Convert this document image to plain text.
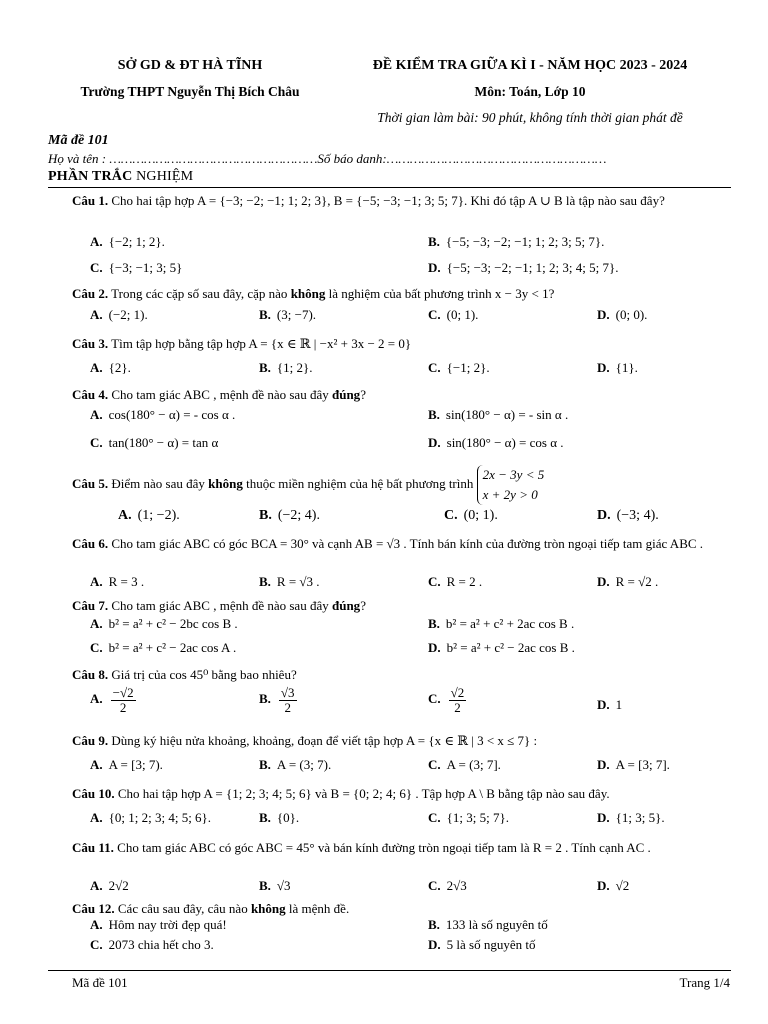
SỞ GD & ĐT HÀ TĨNH
Trường THPT Nguyễn Thị Bích Châu
ĐỀ KIỂM TRA GIỮA KÌ I - NĂM HỌC 2023 - 2024
Môn: Toán, Lớp 10
Thời gian làm bài: 90 phút, không tính thời gian phát đề
Mã đề 101
Họ và tên : ………………………………………………Số báo danh:…………………………………………………
PHẦN TRẮC NGHIỆM
Câu 1. Cho hai tập hợp A = {−3; −2; −1; 1; 2; 3}, B = {−5; −3; −1; 3; 5; 7}. Khi đó tập A ∪ B là tập nào sau đây?
A. {−2; 1; 2}.	B. {−5; −3; −2; −1; 1; 2; 3; 5; 7}.
C. {−3; −1; 3; 5}	D. {−5; −3; −2; −1; 1; 2; 3; 4; 5; 7}.
Câu 2. Trong các cặp số sau đây, cặp nào không là nghiệm của bất phương trình x − 3y < 1?
A. (−2; 1).	B. (3; −7).	C. (0; 1).	D. (0; 0).
Câu 3. Tìm tập hợp bằng tập hợp A = {x ∈ ℝ | −x² + 3x − 2 = 0}
A. {2}.	B. {1; 2}.	C. {−1; 2}.	D. {1}.
Câu 4. Cho tam giác ABC , mệnh đề nào sau đây đúng?
A. cos(180° − α) = - cos α .	B. sin(180° − α) = - sin α .
C. tan(180° − α) = tan α	D. sin(180° − α) = cos α .
Câu 5. Điểm nào sau đây không thuộc miền nghiệm của hệ bất phương trình
2x − 3y < 5
x + 2y > 0
A. (1; −2).	B. (−2; 4).	C. (0; 1).	D. (−3; 4).
Câu 6. Cho tam giác ABC có góc BCA = 30° và cạnh AB = √3 . Tính bán kính của đường tròn ngoại tiếp tam giác ABC .
A. R = 3 .	B. R = √3 .	C. R = 2 .	D. R = √2 .
Câu 7. Cho tam giác ABC , mệnh đề nào sau đây đúng?
A. b² = a² + c² − 2bc cos B .	B. b² = a² + c² + 2ac cos B .
C. b² = a² + c² − 2ac cos A .	D. b² = a² + c² − 2ac cos B .
Câu 8. Giá trị của cos 45⁰ bằng bao nhiêu?
A. $\frac{-√2}{2}$	B. $\frac{√3}{2}$	C. $\frac{√2}{2}$	D. 1
Câu 9. Dùng ký hiệu nửa khoảng, khoảng, đoạn để viết tập hợp A = {x ∈ ℝ | 3 < x ≤ 7} :
A. A = [3; 7).	B. A = (3; 7).	C. A = (3; 7].	D. A = [3; 7].
Câu 10. Cho hai tập hợp A = {1; 2; 3; 4; 5; 6} và B = {0; 2; 4; 6} . Tập hợp A \ B bằng tập nào sau đây.
A. {0; 1; 2; 3; 4; 5; 6}.	B. {0}.	C. {1; 3; 5; 7}.	D. {1; 3; 5}.
Câu 11. Cho tam giác ABC có góc ABC = 45° và bán kính đường tròn ngoại tiếp tam là R = 2 . Tính cạnh AC .
A. 2√2	B. √3	C. 2√3	D. √2
Câu 12. Các câu sau đây, câu nào không là mệnh đề.
A. Hôm nay trời đẹp quá!	B. 133 là số nguyên tố
C. 2073 chia hết cho 3.	D. 5 là số nguyên tố
Mã đề 101	Trang 1/4
